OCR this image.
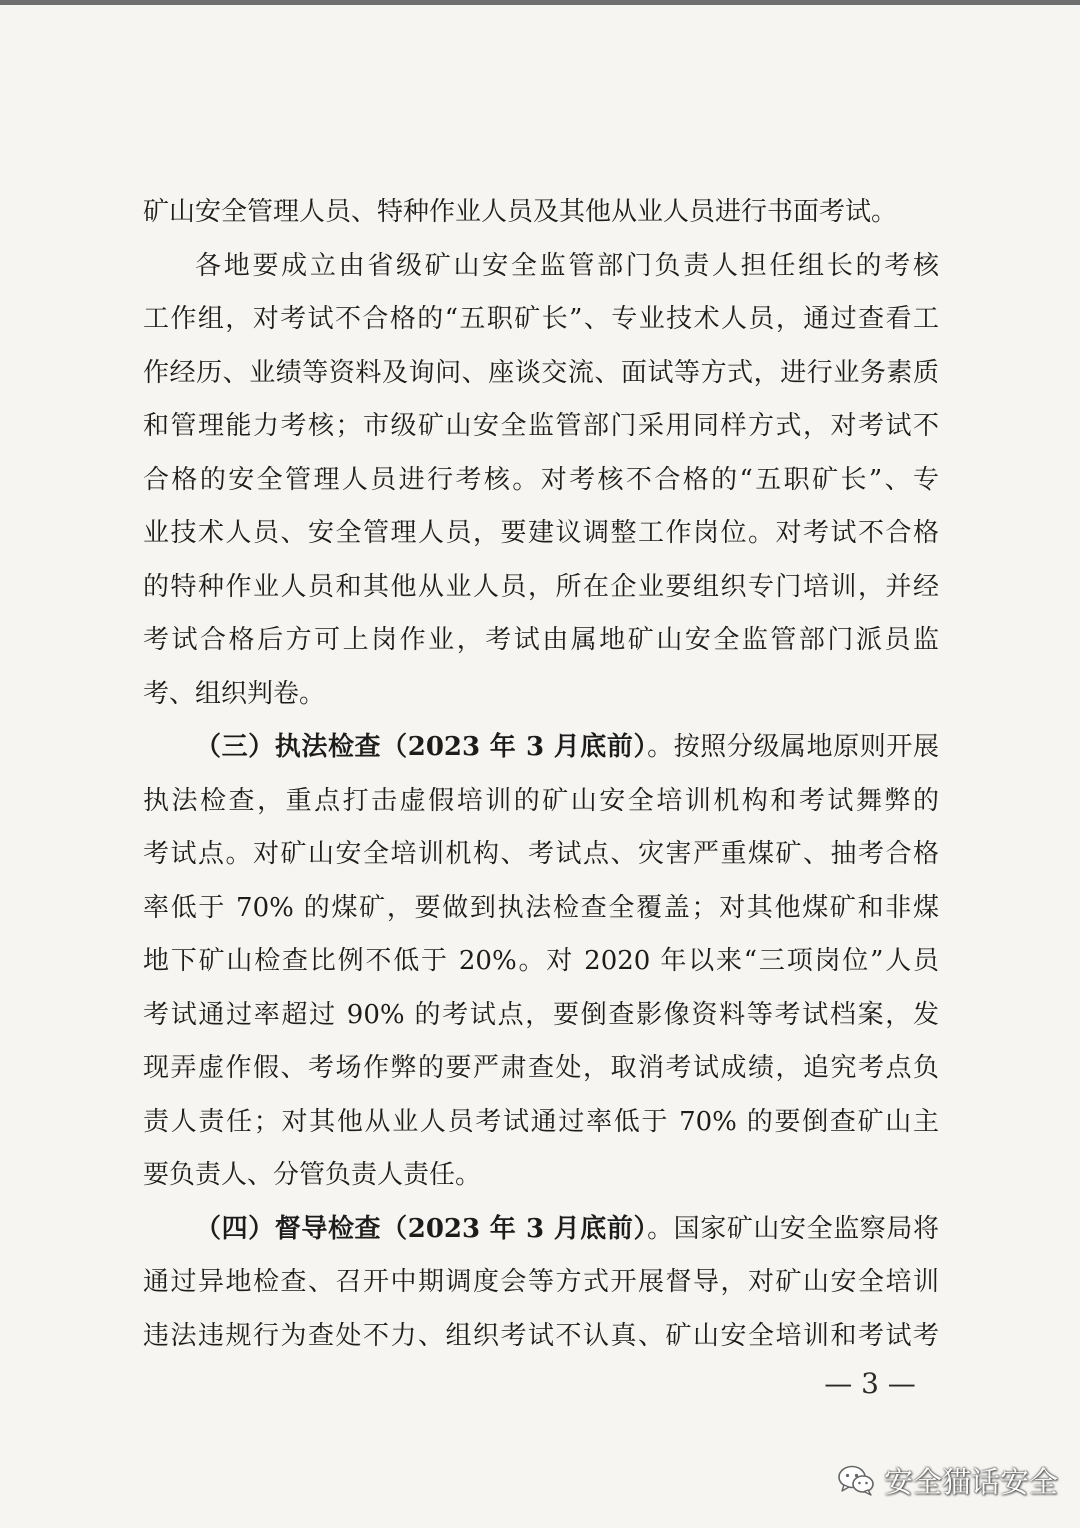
矿山安全管理人员、特种作业人员及其他从业人员进行书面考试。
各地要成立由省级矿山安全监管部门负责人担任组长的考核
工作组，对考试不合格的“五职矿长”、专业技术人员，通过查看工
作经历、业绩等资料及询问、座谈交流、面试等方式，进行业务素质
和管理能力考核；市级矿山安全监管部门采用同样方式，对考试不
合格的安全管理人员进行考核。对考核不合格的“五职矿长”、专
业技术人员、安全管理人员，要建议调整工作岗位。对考试不合格
的特种作业人员和其他从业人员，所在企业要组织专门培训，并经
考试合格后方可上岗作业，考试由属地矿山安全监管部门派员监
考、组织判卷。
（三）执法检查（2023 年 3 月底前）。按照分级属地原则开展
执法检查，重点打击虚假培训的矿山安全培训机构和考试舞弊的
考试点。对矿山安全培训机构、考试点、灾害严重煤矿、抽考合格
率低于 70% 的煤矿，要做到执法检查全覆盖；对其他煤矿和非煤
地下矿山检查比例不低于 20%。对 2020 年以来“三项岗位”人员
考试通过率超过 90% 的考试点，要倒查影像资料等考试档案，发
现弄虚作假、考场作弊的要严肃查处，取消考试成绩，追究考点负
责人责任；对其他从业人员考试通过率低于 70% 的要倒查矿山主
要负责人、分管负责人责任。
（四）督导检查（2023 年 3 月底前）。国家矿山安全监察局将
通过异地检查、召开中期调度会等方式开展督导，对矿山安全培训
违法违规行为查处不力、组织考试不认真、矿山安全培训和考试考
— 3 —
安全猫话安全
